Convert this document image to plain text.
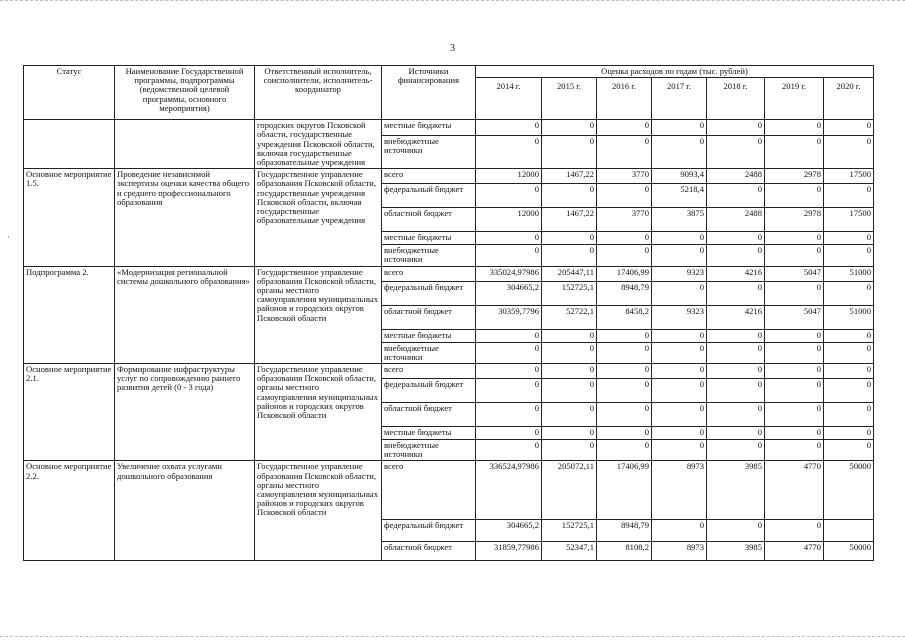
·
3
Статус	Наименование Государственной программы, подпрограммы (ведомственной целевой программы, основного мероприятия)	Ответственный исполнитель, соисполнители, исполнитель-координатор	Источники финансирования	Оценка расходов по годам (тыс. рублей)						
				2014 г.	2015 г.	2016 г.	2017 г.	2018 г.	2019 г.	2020 г.
		городских округов Псковской области, государственные учреждения Псковской области, включая государственные образовательные учреждения	местные бюджеты	0	0	0	0	0	0	0
			внебюджетные источники	0	0	0	0	0	0	0
Основное мероприятие 1.5.	Проведение независимой экспертизы оценки качества общего и среднего профессионального образования	Государственное управление образования Псковской области, государственные учреждения Псковской области, включая государственные образовательные учреждения	всего	12000	1467,22	3770	9093,4	2488	2978	17500
			федеральный бюджет	0	0	0	5218,4	0	0	0
			областной бюджет	12000	1467,22	3770	3875	2488	2978	17500
			местные бюджеты	0	0	0	0	0	0	0
			внебюджетные источники	0	0	0	0	0	0	0
Подпрограмма 2.	«Модернизация региональной системы дошкольного образования»	Государственное управление образования Псковской области, органы местного самоуправления муниципальных районов и городских округов Псковской области	всего	335024,97986	205447,11	17406,99	9323	4216	5047	51000
			федеральный бюджет	304665,2	152725,1	8948,79	0	0	0	0
			областной бюджет	30359,7796	52722,1	8458,2	9323	4216	5047	51000
			местные бюджеты	0	0	0	0	0	0	0
			внебюджетные источники	0	0	0	0	0	0	0
Основное мероприятие 2.1.	Формирование инфраструктуры услуг по сопровождению раннего развития детей (0 - 3 года)	Государственное управление образования Псковской области, органы местного самоуправления муниципальных районов и городских округов Псковской области	всего	0	0	0	0	0	0	0
			федеральный бюджет	0	0	0	0	0	0	0
			областной бюджет	0	0	0	0	0	0	0
			местные бюджеты	0	0	0	0	0	0	0
			внебюджетные источники	0	0	0	0	0	0	0
Основное мероприятие 2.2.	Увеличение охвата услугами дошкольного образования	Государственное управление образования Псковской области, органы местного самоуправления муниципальных районов и городских округов Псковской области	всего	336524,97986	205072,11	17406,99	8973	3985	4770	50000
			федеральный бюджет	304665,2	152725,1	8948,79	0	0	0	
			областной бюджет	31859,77986	52347,1	8108,2	8973	3985	4770	50000
